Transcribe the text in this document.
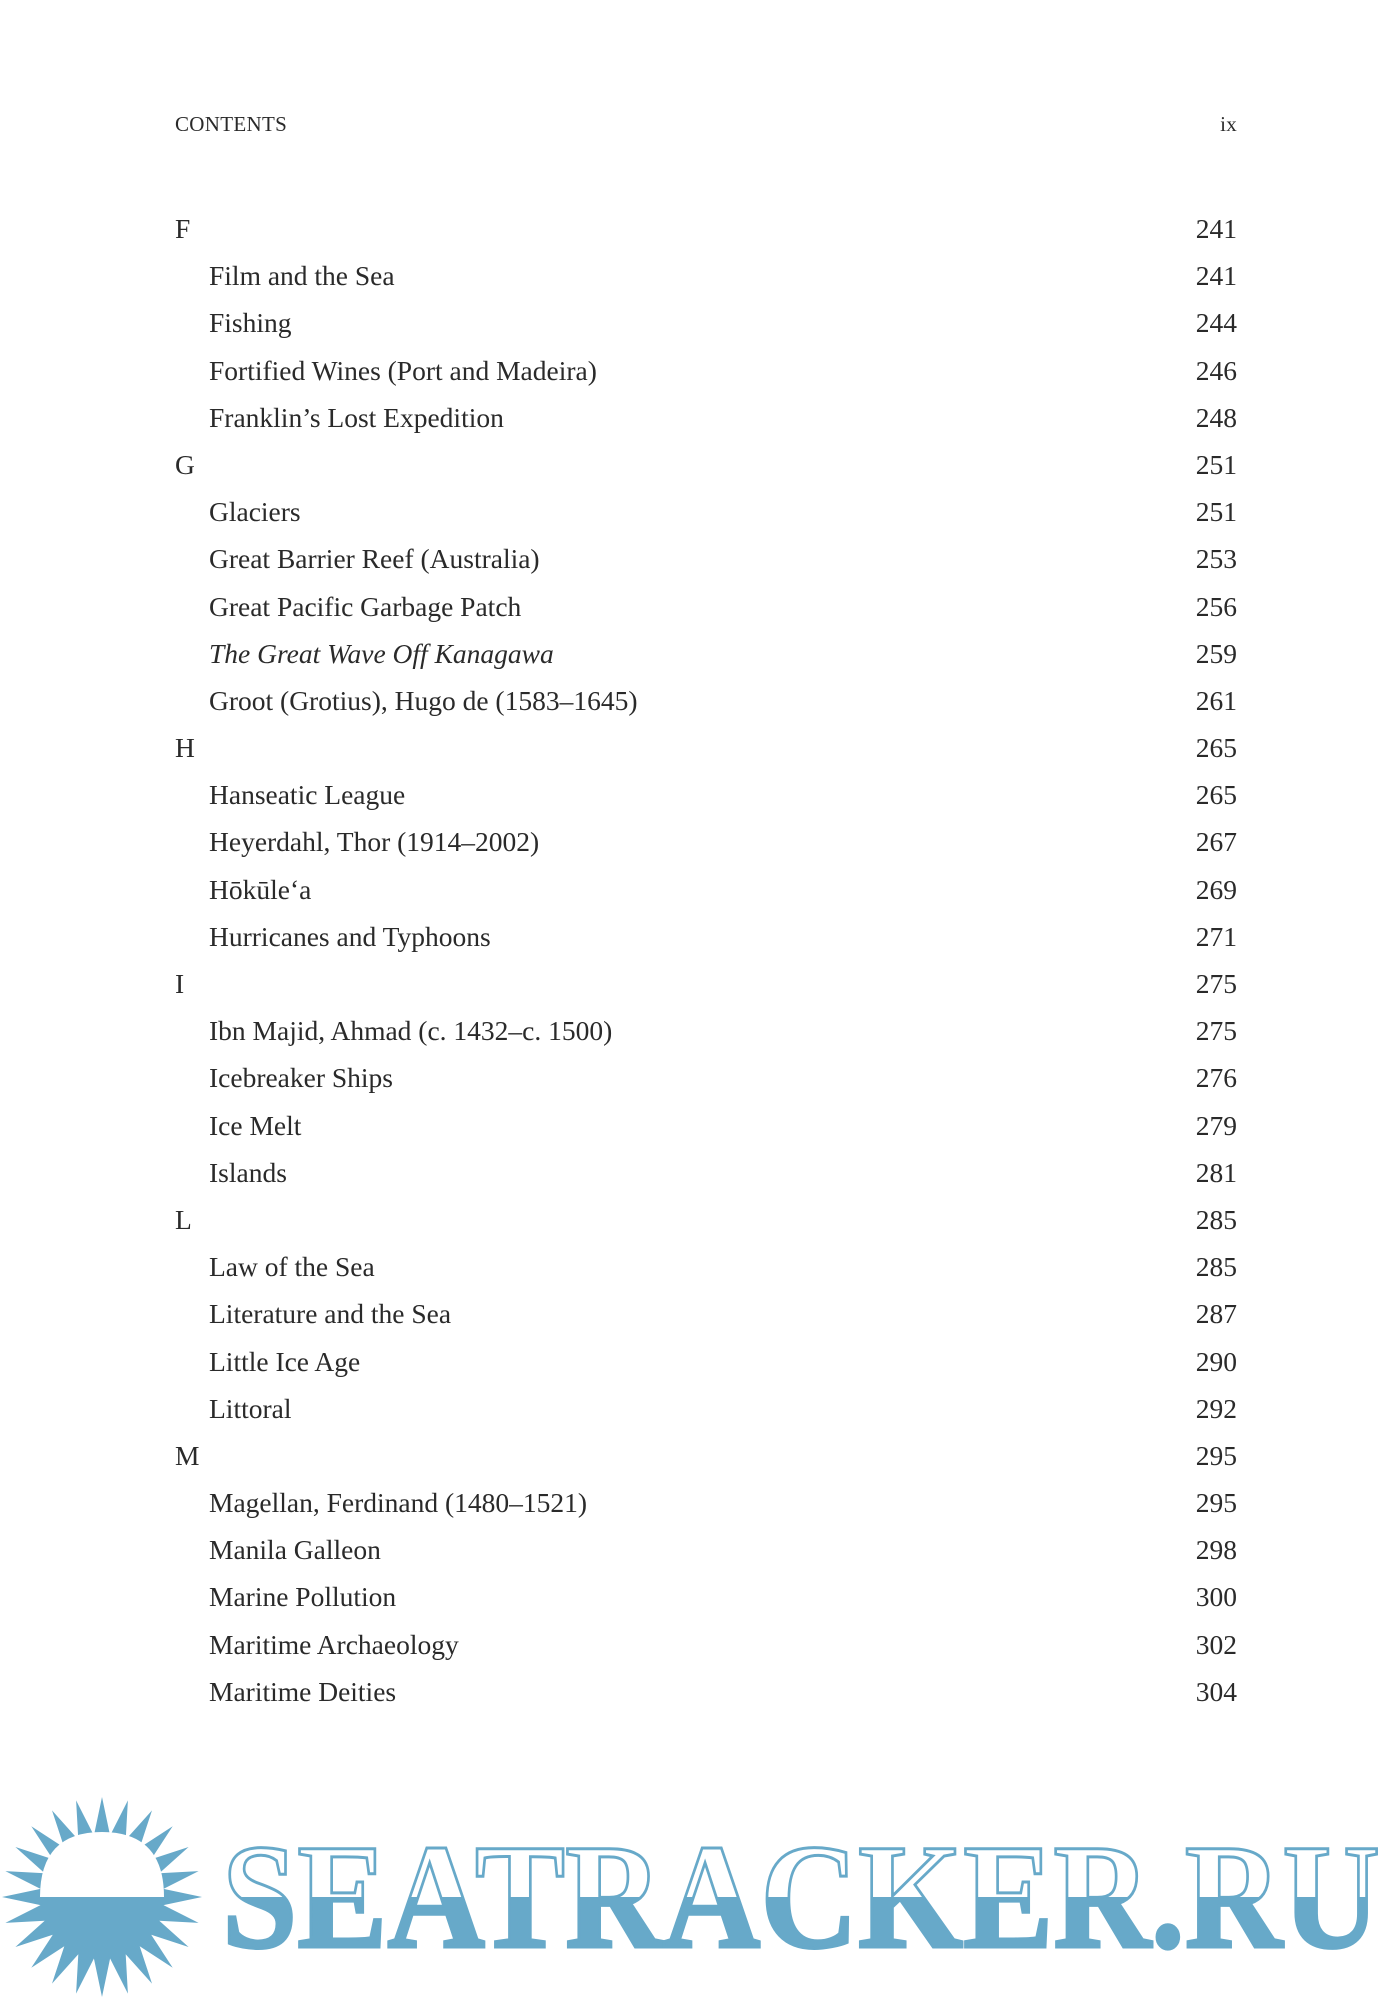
CONTENTS	ix
F	241
Film and the Sea	241
Fishing	244
Fortified Wines (Port and Madeira)	246
Franklin’s Lost Expedition	248
G	251
Glaciers	251
Great Barrier Reef (Australia)	253
Great Pacific Garbage Patch	256
The Great Wave Off Kanagawa	259
Groot (Grotius), Hugo de (1583–1645)	261
H	265
Hanseatic League	265
Heyerdahl, Thor (1914–2002)	267
Hōkūle‘a	269
Hurricanes and Typhoons	271
I	275
Ibn Majid, Ahmad (c. 1432–c. 1500)	275
Icebreaker Ships	276
Ice Melt	279
Islands	281
L	285
Law of the Sea	285
Literature and the Sea	287
Little Ice Age	290
Littoral	292
M	295
Magellan, Ferdinand (1480–1521)	295
Manila Galleon	298
Marine Pollution	300
Maritime Archaeology	302
Maritime Deities	304
SEATRACKER.RU
